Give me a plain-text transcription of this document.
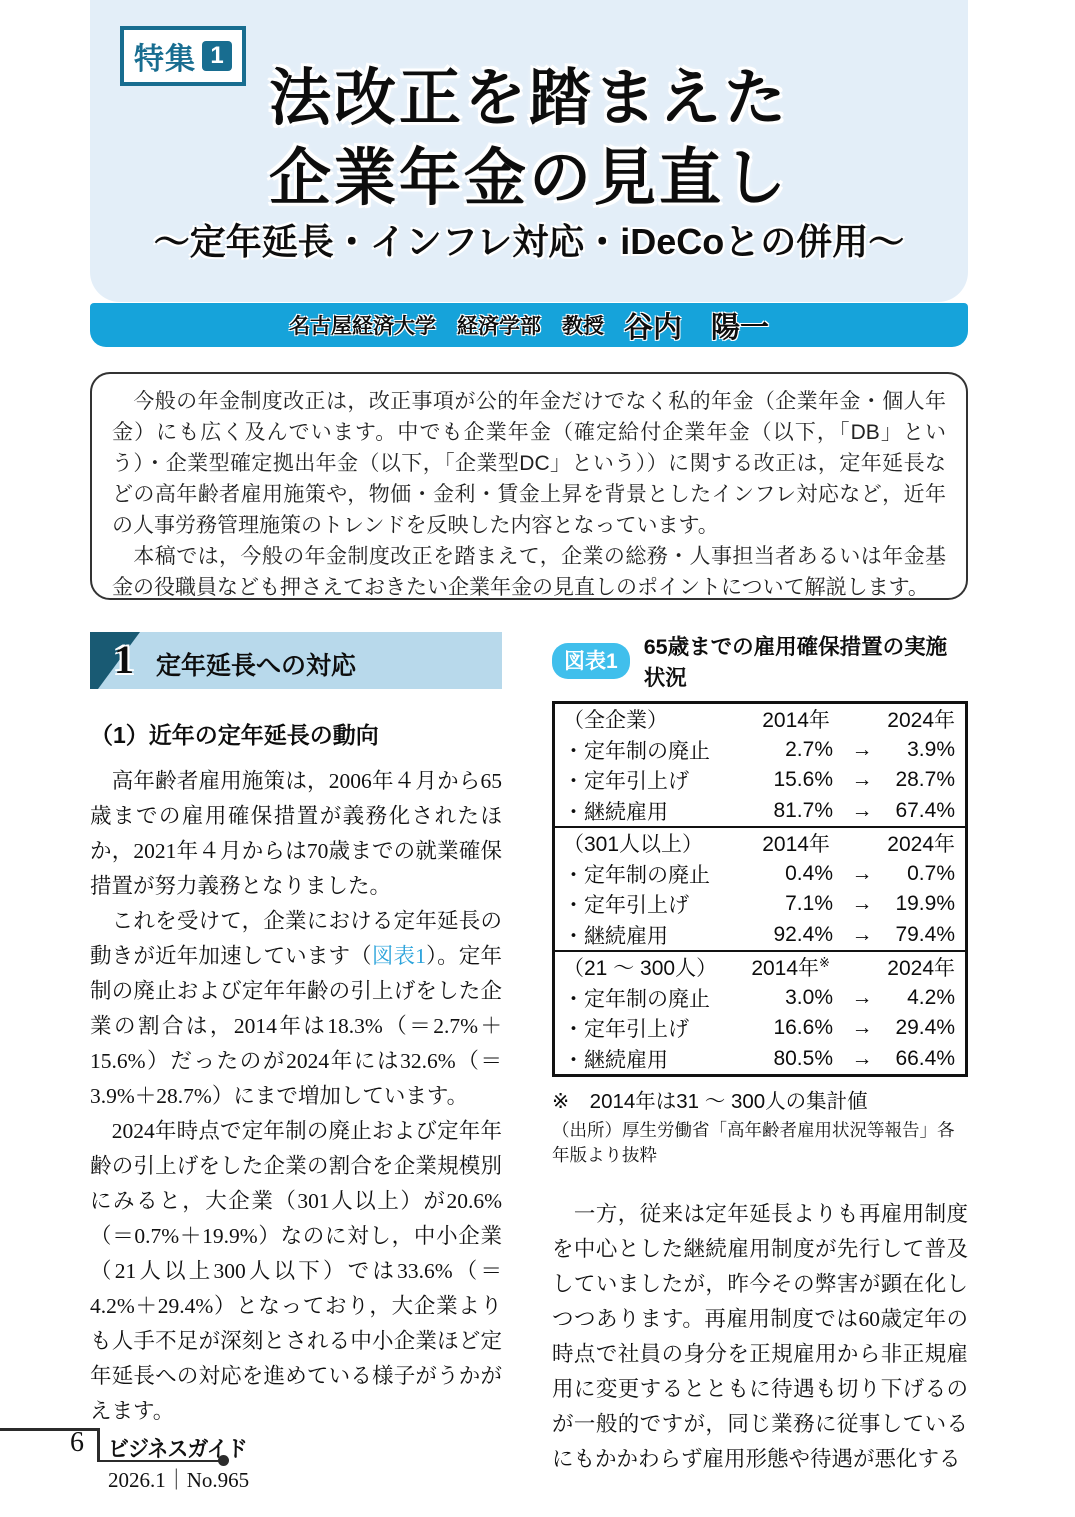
特集 1
法改正を踏まえた
企業年金の見直し
〜定年延長・インフレ対応・iDeCoとの併用〜
名古屋経済大学　経済学部　教授 谷内　陽一

　今般の年金制度改正は，改正事項が公的年金だけでなく私的年金（企業年金・個人年金）にも広く及んでいます。中でも企業年金（確定給付企業年金（以下，「DB」という）・企業型確定拠出年金（以下，「企業型DC」という））に関する改正は，定年延長などの高年齢者雇用施策や，物価・金利・賃金上昇を背景としたインフレ対応など，近年の人事労務管理施策のトレンドを反映した内容となっています。

　本稿では，今般の年金制度改正を踏まえて，企業の総務・人事担当者あるいは年金基金の役職員なども押さえておきたい企業年金の見直しのポイントについて解説します。

1 定年延長への対応
（1）近年の定年延長の動向

　高年齢者雇用施策は，2006年４月から65歳までの雇用確保措置が義務化されたほか，2021年４月からは70歳までの就業確保措置が努力義務となりました。

　これを受けて，企業における定年延長の動きが近年加速しています（図表1）。定年制の廃止および定年年齢の引上げをした企業の割合は，2014年は18.3%（＝2.7%＋15.6%）だったのが2024年には32.6%（＝3.9%＋28.7%）にまで増加しています。

　2024年時点で定年制の廃止および定年年齢の引上げをした企業の割合を企業規模別にみると，大企業（301人以上）が20.6%（＝0.7%＋19.9%）なのに対し，中小企業（21人以上300人以下）では33.6%（＝4.2%＋29.4%）となっており，大企業よりも人手不足が深刻とされる中小企業ほど定年延長への対応を進めている様子がうかがえます。

図表1
65歳までの雇用確保措置の実施状況
（全企業）	2014年	2024年
・定年制の廃止	2.7% →	3.9%
・定年引上げ	15.6% →	28.7%
・継続雇用	81.7% →	67.4%
（301人以上）	2014年	2024年
・定年制の廃止	0.4% →	0.7%
・定年引上げ	7.1% →	19.9%
・継続雇用	92.4% →	79.4%
（21 〜 300人）	2014年※	2024年
・定年制の廃止	3.0% →	4.2%
・定年引上げ	16.6% →	29.4%
・継続雇用	80.5% →	66.4%
※　2014年は31 〜 300人の集計値
（出所）厚生労働省「高年齢者雇用状況等報告」各年版より抜粋

　一方，従来は定年延長よりも再雇用制度を中心とした継続雇用制度が先行して普及していましたが，昨今その弊害が顕在化しつつあります。再雇用制度では60歳定年の時点で社員の身分を正規雇用から非正規雇用に変更するとともに待遇も切り下げるのが一般的ですが，同じ業務に従事しているにもかかわらず雇用形態や待遇が悪化する

6	ビジネスガイド
2026.1｜No.965
